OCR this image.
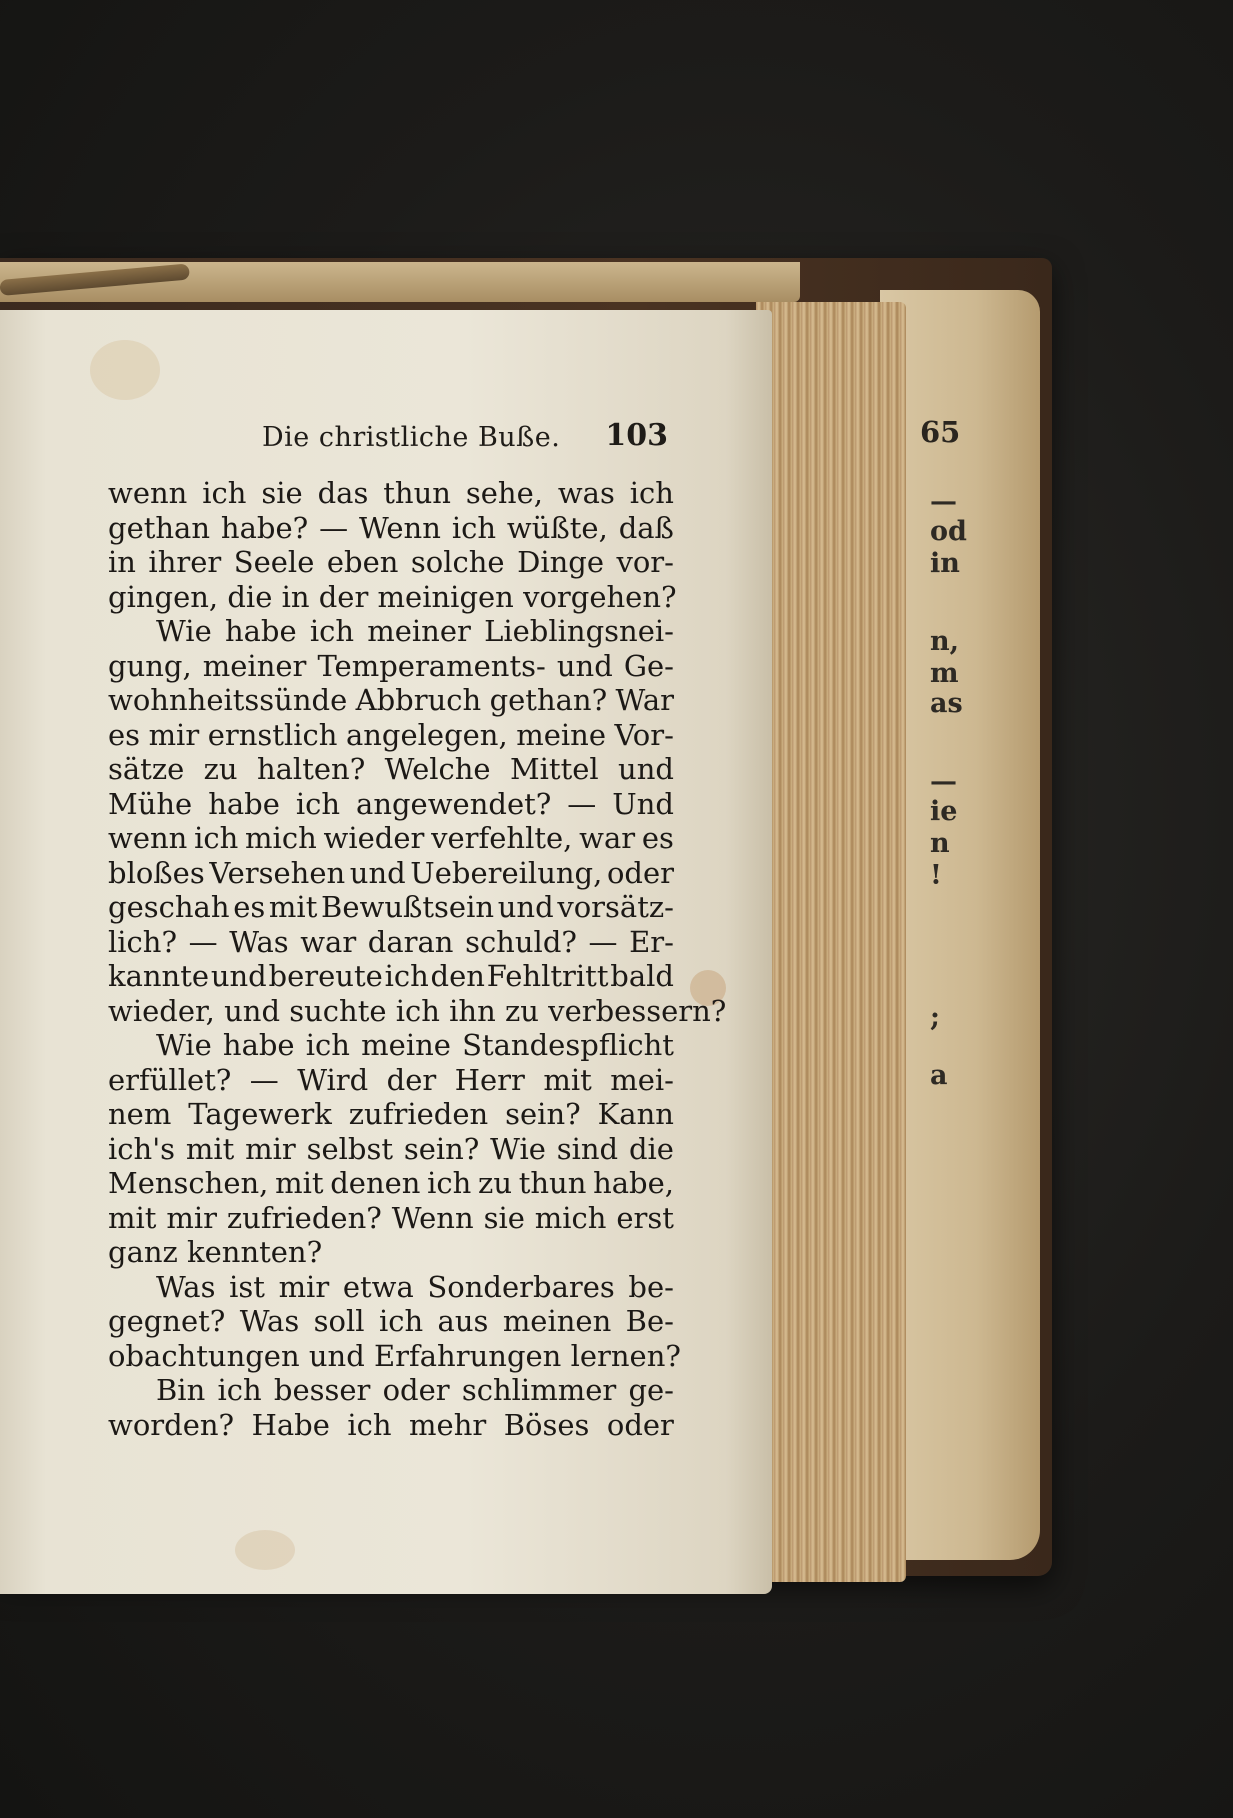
Die christliche Buße. 103
wenn ich sie das thun sehe, was ich
gethan habe? — Wenn ich wüßte, daß
in ihrer Seele eben solche Dinge vor-
gingen, die in der meinigen vorgehen?
Wie habe ich meiner Lieblingsnei-
gung, meiner Temperaments- und Ge-
wohnheitssünde Abbruch gethan? War
es mir ernstlich angelegen, meine Vor-
sätze zu halten? Welche Mittel und
Mühe habe ich angewendet? — Und
wenn ich mich wieder verfehlte, war es
bloßes Versehen und Uebereilung, oder
geschah es mit Bewußtsein und vorsätz-
lich? — Was war daran schuld? — Er-
kannte und bereute ich den Fehltritt bald
wieder, und suchte ich ihn zu verbessern?
Wie habe ich meine Standespflicht
erfüllet? — Wird der Herr mit mei-
nem Tagewerk zufrieden sein? Kann
ich's mit mir selbst sein? Wie sind die
Menschen, mit denen ich zu thun habe,
mit mir zufrieden? Wenn sie mich erst
ganz kennten?
Was ist mir etwa Sonderbares be-
gegnet? Was soll ich aus meinen Be-
obachtungen und Erfahrungen lernen?
Bin ich besser oder schlimmer ge-
worden? Habe ich mehr Böses oder
65
—
od
in
n,
m
as
—
ie
n
!
;
a
